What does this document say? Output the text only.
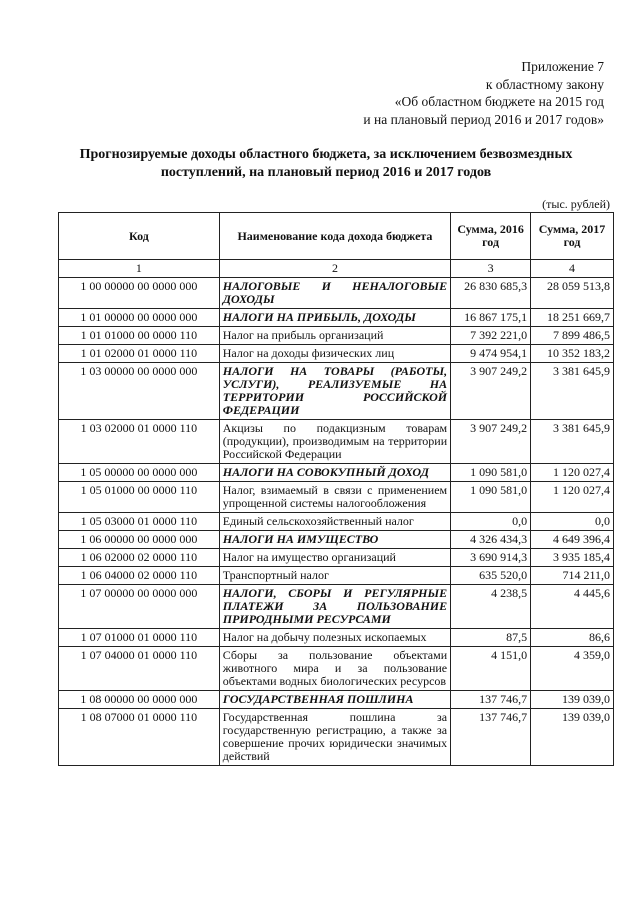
Приложение 7
к областному закону
«Об областном бюджете на 2015 год
и на плановый период 2016 и 2017 годов»
Прогнозируемые доходы областного бюджета, за исключением безвозмездных поступлений, на плановый период 2016 и 2017 годов
(тыс. рублей)
Код	Наименование кода дохода бюджета	Сумма, 2016 год	Сумма, 2017 год
1	2	3	4
1 00 00000 00 0000 000	НАЛОГОВЫЕ И НЕНАЛОГОВЫЕ ДОХОДЫ	26 830 685,3	28 059 513,8
1 01 00000 00 0000 000	НАЛОГИ НА ПРИБЫЛЬ, ДОХОДЫ	16 867 175,1	18 251 669,7
1 01 01000 00 0000 110	Налог на прибыль организаций	7 392 221,0	7 899 486,5
1 01 02000 01 0000 110	Налог на доходы физических лиц	9 474 954,1	10 352 183,2
1 03 00000 00 0000 000	НАЛОГИ НА ТОВАРЫ (РАБОТЫ, УСЛУГИ), РЕАЛИЗУЕМЫЕ НА ТЕРРИТОРИИ РОССИЙСКОЙ ФЕДЕРАЦИИ	3 907 249,2	3 381 645,9
1 03 02000 01 0000 110	Акцизы по подакцизным товарам (продукции), производимым на территории Российской Федерации	3 907 249,2	3 381 645,9
1 05 00000 00 0000 000	НАЛОГИ НА СОВОКУПНЫЙ ДОХОД	1 090 581,0	1 120 027,4
1 05 01000 00 0000 110	Налог, взимаемый в связи с применением упрощенной системы налогообложения	1 090 581,0	1 120 027,4
1 05 03000 01 0000 110	Единый сельскохозяйственный налог	0,0	0,0
1 06 00000 00 0000 000	НАЛОГИ НА ИМУЩЕСТВО	4 326 434,3	4 649 396,4
1 06 02000 02 0000 110	Налог на имущество организаций	3 690 914,3	3 935 185,4
1 06 04000 02 0000 110	Транспортный налог	635 520,0	714 211,0
1 07 00000 00 0000 000	НАЛОГИ, СБОРЫ И РЕГУЛЯРНЫЕ ПЛАТЕЖИ ЗА ПОЛЬЗОВАНИЕ ПРИРОДНЫМИ РЕСУРСАМИ	4 238,5	4 445,6
1 07 01000 01 0000 110	Налог на добычу полезных ископаемых	87,5	86,6
1 07 04000 01 0000 110	Сборы за пользование объектами животного мира и за пользование объектами водных биологических ресурсов	4 151,0	4 359,0
1 08 00000 00 0000 000	ГОСУДАРСТВЕННАЯ ПОШЛИНА	137 746,7	139 039,0
1 08 07000 01 0000 110	Государственная пошлина за государственную регистрацию, а также за совершение прочих юридически значимых действий	137 746,7	139 039,0
